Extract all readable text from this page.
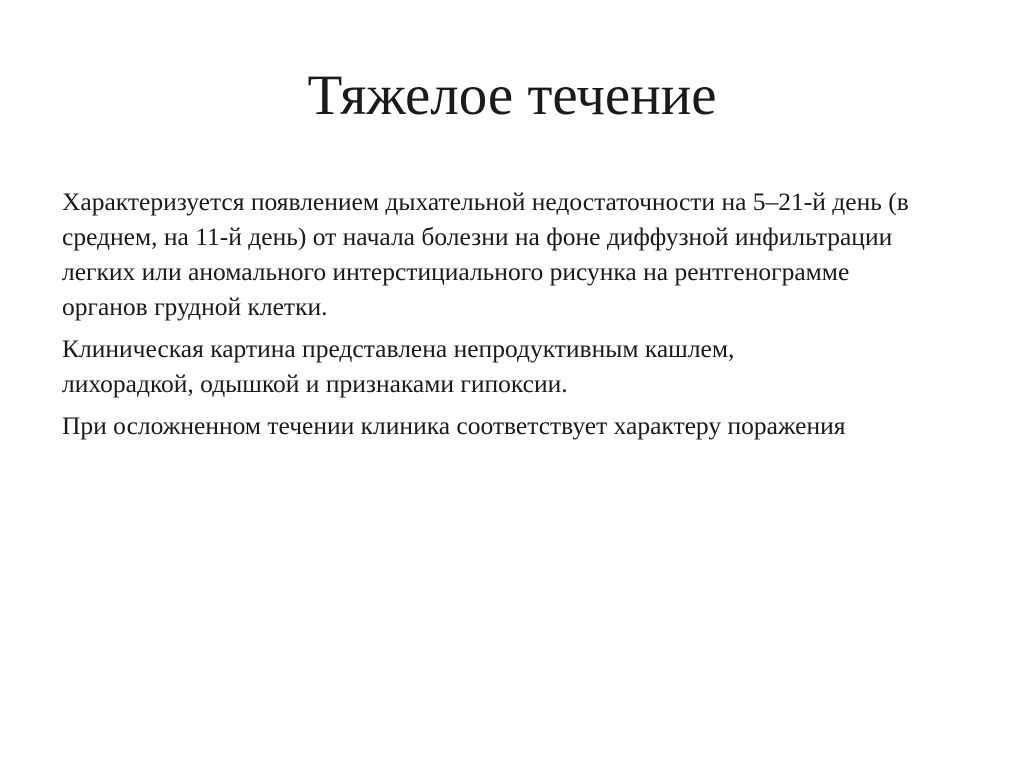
Тяжелое течение

Характеризуется появлением дыхательной недостаточности на 5–21-й день (в среднем, на 11-й день) от начала болезни на фоне диффузной инфильтрации легких или аномального интерстициального рисунка на рентгенограмме органов грудной клетки.

Клиническая картина представлена непродуктивным кашлем, лихорадкой, одышкой и признаками гипоксии.

При осложненном течении клиника соответствует характеру поражения
